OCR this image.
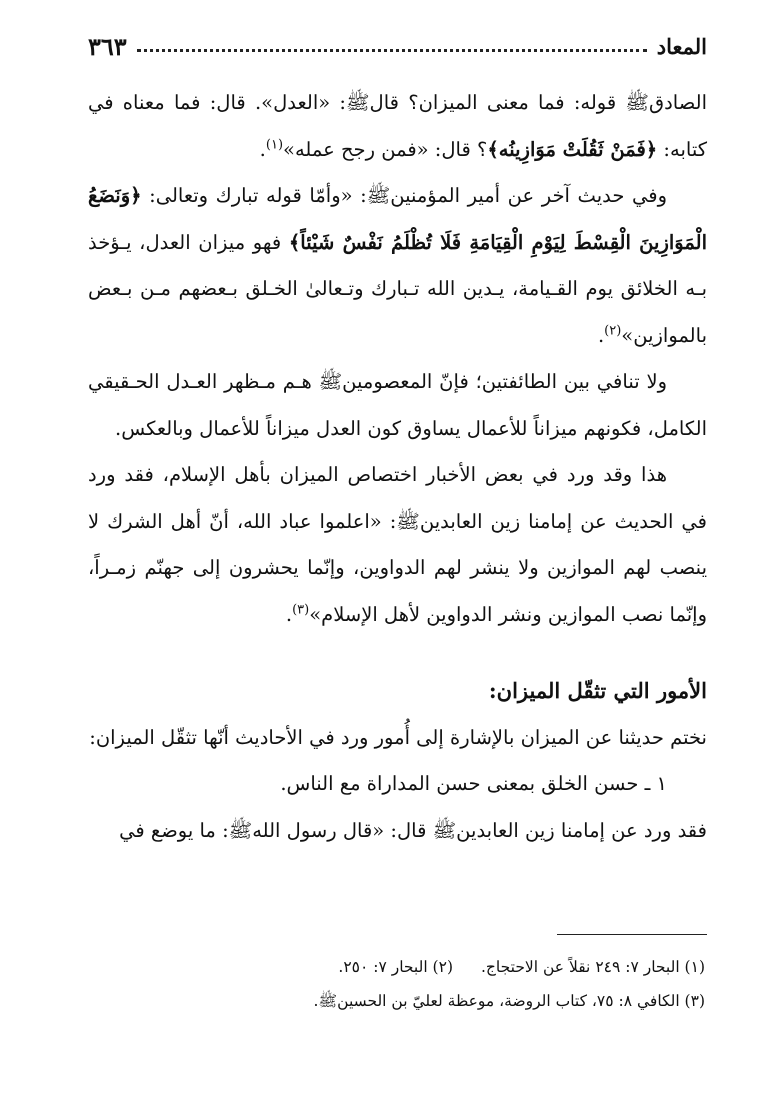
المعاد
٣٦٣

الصادقﷺ قوله: فما معنى الميزان؟ قالﷺ: «العدل». قال: فما معناه في كتابه: ﴿فَمَنْ ثَقُلَتْ مَوَازِينُه﴾؟ قال: «فمن رجح عمله»$^{(١)}$.

وفي حديث آخر عن أمير المؤمنينﷺ: «وأمّا قوله تبارك وتعالى: ﴿وَنَضَعُ الْمَوَازِينَ الْقِسْطَ لِيَوْمِ الْقِيَامَةِ فَلَا تُظْلَمُ نَفْسٌ شَيْئاً﴾ فهو ميزان العدل، يـؤخذ بـه الخلائق يوم القـيامة، يـدين الله تـبارك وتـعالىٰ الخـلق بـعضهم مـن بـعض بالموازين»$^{(٢)}$.

ولا تنافي بين الطائفتين؛ فإنّ المعصومينﷺ هـم مـظهر العـدل الحـقيقي الكامل، فكونهم ميزاناً للأعمال يساوق كون العدل ميزاناً للأعمال وبالعكس.

هذا وقد ورد في بعض الأخبار اختصاص الميزان بأهل الإسلام، فقد ورد في الحديث عن إمامنا زين العابدينﷺ: «اعلموا عباد الله، أنّ أهل الشرك لا ينصب لهم الموازين ولا ينشر لهم الدواوين، وإنّما يحشرون إلى جهنّم زمـراً، وإنّما نصب الموازين ونشر الدواوين لأهل الإسلام»$^{(٣)}$.

الأمور التي تثقّل الميزان:

نختم حديثنا عن الميزان بالإشارة إلى أُمور ورد في الأحاديث أنّها تثقّل الميزان:

١ ـ حسن الخلق بمعنى حسن المداراة مع الناس.

فقد ورد عن إمامنا زين العابدينﷺ قال: «قال رسول اللهﷺ: ما يوضع في

(١) البحار ٧: ٢٤٩ نقلاً عن الاحتجاج.(٢) البحار ٧: ٢٥٠.

(٣) الكافي ٨: ٧٥، كتاب الروضة، موعظة لعليّ بن الحسينﷺ.
